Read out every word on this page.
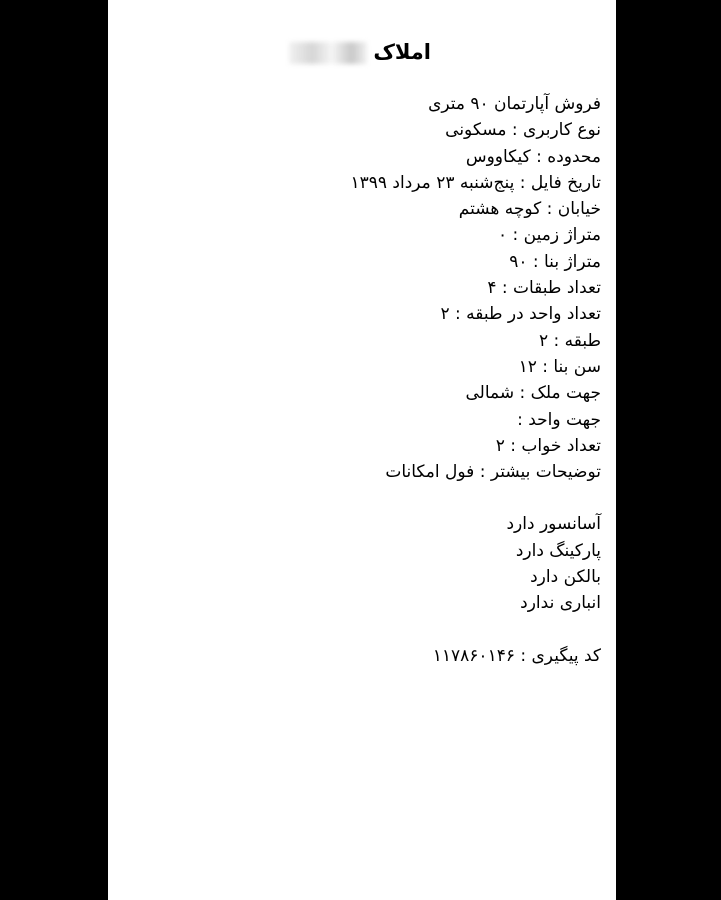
املاک
فروش آپارتمان ۹۰ متری
نوع کاربری : مسکونی
محدوده : کیکاووس
تاریخ فایل : پنج‌شنبه ۲۳ مرداد ۱۳۹۹
خیابان : کوچه هشتم
متراژ زمین : ۰
متراژ بنا : ۹۰
تعداد طبقات : ۴
تعداد واحد در طبقه : ۲
طبقه : ۲
سن بنا : ۱۲
جهت ملک : شمالی
جهت واحد :
تعداد خواب : ۲
توضیحات بیشتر : فول امکانات
آسانسور دارد
پارکینگ دارد
بالکن دارد
انباری ندارد
کد پیگیری : ۱۱۷۸۶۰۱۴۶
